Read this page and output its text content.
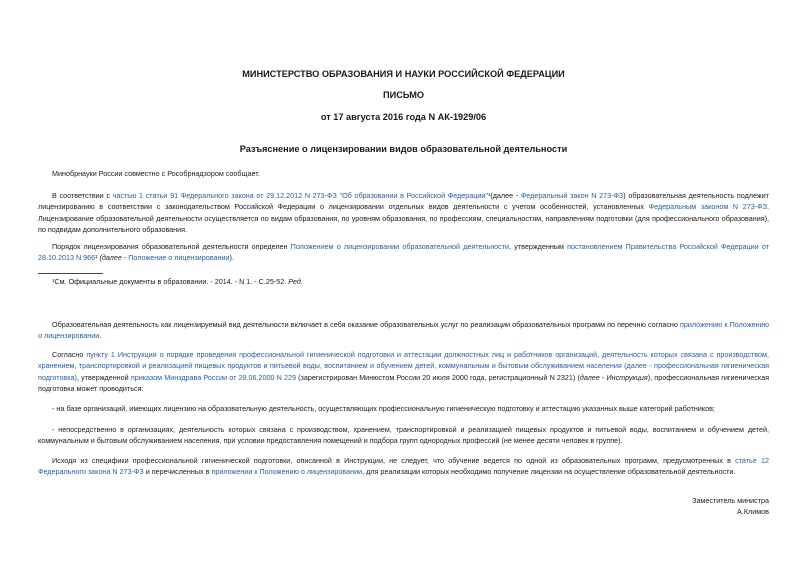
МИНИСТЕРСТВО ОБРАЗОВАНИЯ И НАУКИ РОССИЙСКОЙ ФЕДЕРАЦИИ
ПИСЬМО
от 17 августа 2016 года N АК-1929/06
Разъяснение о лицензировании видов образовательной деятельности

Минобрнауки России совместно с Рособрнадзором сообщает.

В соответствии с частью 1 статьи 91 Федерального закона от 29.12.2012 N 273-ФЗ "Об образовании в Российской Федерации"¹(далее - Федеральный закон N 273-ФЗ) образовательная деятельность подлежит лицензированию в соответствии с законодательством Российской Федерации о лицензировании отдельных видов деятельности с учетом особенностей, установленных Федеральным законом N 273-ФЗ. Лицензирование образовательной деятельности осуществляется по видам образования, по уровням образования, по профессиям, специальностям, направлениям подготовки (для профессионального образования), по подвидам дополнительного образования.

Порядок лицензирования образовательной деятельности определен Положением о лицензировании образовательной деятельности, утвержденным постановлением Правительства Российской Федерации от 28.10.2013 N 966¹ (далее - Положение о лицензировании).

¹См. Официальные документы в образовании. - 2014. - N 1. - С.25-52. Ред.

Образовательная деятельность как лицензируемый вид деятельности включает в себя оказание образовательных услуг по реализации образовательных программ по перечню согласно приложению к Положению о лицензировании.

Согласно пункту 1 Инструкции о порядке проведения профессиональной гигиенической подготовки и аттестации должностных лиц и работников организаций, деятельность которых связана с производством, хранением, транспортировкой и реализацией пищевых продуктов и питьевой воды, воспитанием и обучением детей, коммунальным и бытовым обслуживанием населения (далее - профессиональная гигиеническая подготовка), утвержденной приказом Минздрава России от 29.06.2000 N 229 (зарегистрирован Минюстом России 20 июля 2000 года, регистрационный N 2321) (далее - Инструкция), профессиональная гигиеническая подготовка может проводиться:

- на базе организаций, имеющих лицензию на образовательную деятельность, осуществляющих профессиональную гигиеническую подготовку и аттестацию указанных выше категорий работников;

- непосредственно в организациях, деятельность которых связана с производством, хранением, транспортировкой и реализацией пищевых продуктов и питьевой воды, воспитанием и обучением детей, коммунальным и бытовым обслуживанием населения, при условии предоставления помещений и подбора групп однородных профессий (не менее десяти человек в группе).

Исходя из специфики профессиональной гигиенической подготовки, описанной в Инструкции, не следует, что обучение ведется по одной из образовательных программ, предусмотренных в статье 12 Федерального закона N 273-ФЗ и перечисленных в приложении к Положению о лицензировании, для реализации которых необходимо получение лицензии на осуществление образовательной деятельности.

Заместитель министра
А.Климов
